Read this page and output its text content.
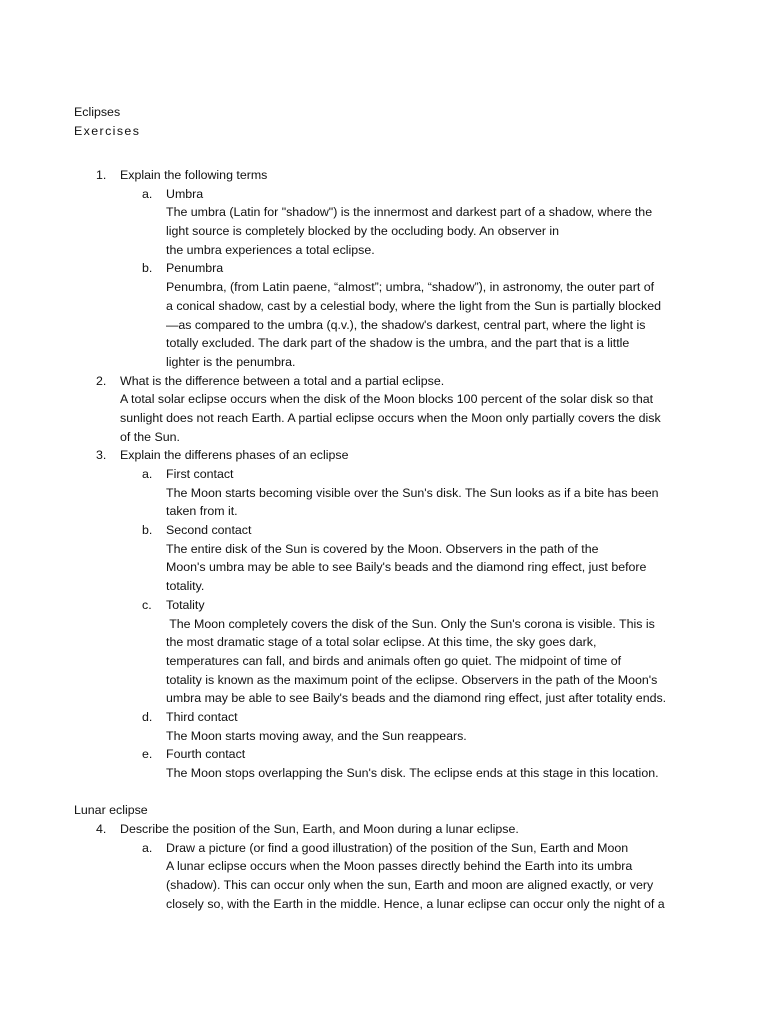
Eclipses
Exercises
1. Explain the following terms
a. Umbra
The umbra (Latin for "shadow") is the innermost and darkest part of a shadow, where the
light source is completely blocked by the occluding body. An observer in
the umbra experiences a total eclipse.
b. Penumbra
Penumbra, (from Latin paene, “almost”; umbra, “shadow”), in astronomy, the outer part of
a conical shadow, cast by a celestial body, where the light from the Sun is partially blocked
—as compared to the umbra (q.v.), the shadow's darkest, central part, where the light is
totally excluded. The dark part of the shadow is the umbra, and the part that is a little
lighter is the penumbra.
2. What is the difference between a total and a partial eclipse.
A total solar eclipse occurs when the disk of the Moon blocks 100 percent of the solar disk so that
sunlight does not reach Earth. A partial eclipse occurs when the Moon only partially covers the disk
of the Sun.
3. Explain the differens phases of an eclipse
a. First contact
The Moon starts becoming visible over the Sun's disk. The Sun looks as if a bite has been
taken from it.
b. Second contact
The entire disk of the Sun is covered by the Moon. Observers in the path of the
Moon's umbra may be able to see Baily's beads and the diamond ring effect, just before
totality.
c. Totality
The Moon completely covers the disk of the Sun. Only the Sun's corona is visible. This is
the most dramatic stage of a total solar eclipse. At this time, the sky goes dark,
temperatures can fall, and birds and animals often go quiet. The midpoint of time of
totality is known as the maximum point of the eclipse. Observers in the path of the Moon's
umbra may be able to see Baily's beads and the diamond ring effect, just after totality ends.
d. Third contact
The Moon starts moving away, and the Sun reappears.
e. Fourth contact
The Moon stops overlapping the Sun's disk. The eclipse ends at this stage in this location.
Lunar eclipse
4. Describe the position of the Sun, Earth, and Moon during a lunar eclipse.
a. Draw a picture (or find a good illustration) of the position of the Sun, Earth and Moon
A lunar eclipse occurs when the Moon passes directly behind the Earth into its umbra
(shadow). This can occur only when the sun, Earth and moon are aligned exactly, or very
closely so, with the Earth in the middle. Hence, a lunar eclipse can occur only the night of a
